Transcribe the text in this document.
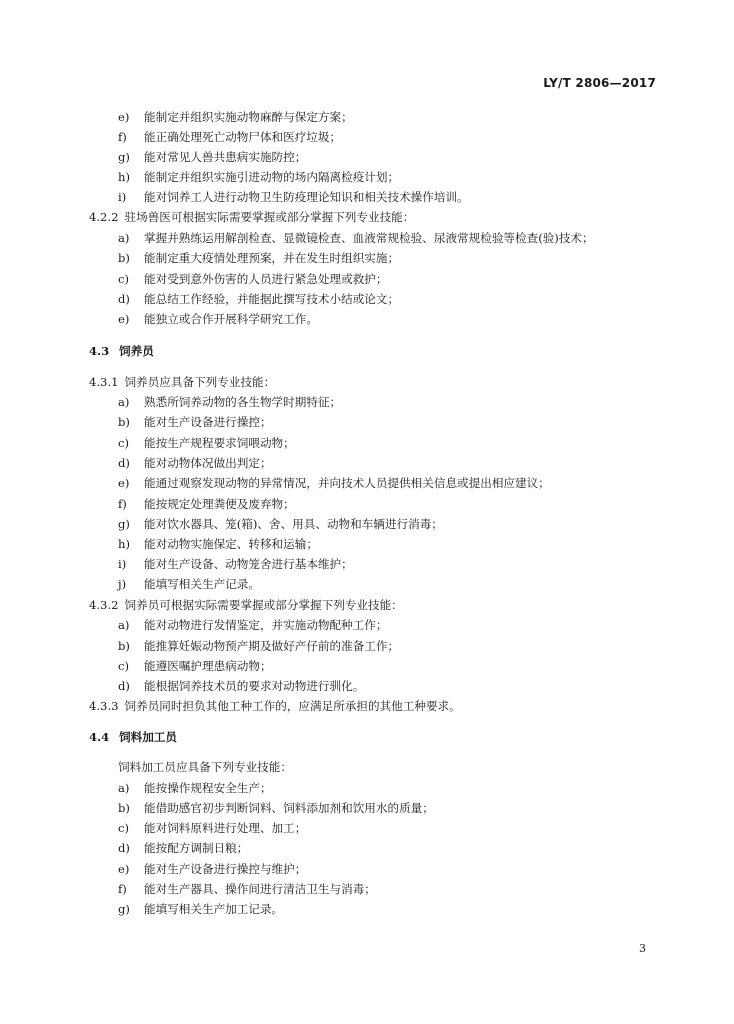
LY/T 2806—2017
e) 能制定并组织实施动物麻醉与保定方案；
f) 能正确处理死亡动物尸体和医疗垃圾；
g) 能对常见人兽共患病实施防控；
h) 能制定并组织实施引进动物的场内隔离检疫计划；
i) 能对饲养工人进行动物卫生防疫理论知识和相关技术操作培训。
4.2.2 驻场兽医可根据实际需要掌握或部分掌握下列专业技能：
a) 掌握并熟练运用解剖检查、显微镜检查、血液常规检验、尿液常规检验等检查(验)技术；
b) 能制定重大疫情处理预案，并在发生时组织实施；
c) 能对受到意外伤害的人员进行紧急处理或救护；
d) 能总结工作经验，并能据此撰写技术小结或论文；
e) 能独立或合作开展科学研究工作。
4.3 饲养员
4.3.1 饲养员应具备下列专业技能：
a) 熟悉所饲养动物的各生物学时期特征；
b) 能对生产设备进行操控；
c) 能按生产规程要求饲喂动物；
d) 能对动物体况做出判定；
e) 能通过观察发现动物的异常情况，并向技术人员提供相关信息或提出相应建议；
f) 能按规定处理粪便及废弃物；
g) 能对饮水器具、笼(箱)、舍、用具、动物和车辆进行消毒；
h) 能对动物实施保定、转移和运输；
i) 能对生产设备、动物笼舍进行基本维护；
j) 能填写相关生产记录。
4.3.2 饲养员可根据实际需要掌握或部分掌握下列专业技能：
a) 能对动物进行发情鉴定，并实施动物配种工作；
b) 能推算妊娠动物预产期及做好产仔前的准备工作；
c) 能遵医嘱护理患病动物；
d) 能根据饲养技术员的要求对动物进行驯化。
4.3.3 饲养员同时担负其他工种工作的，应满足所承担的其他工种要求。
4.4 饲料加工员
饲料加工员应具备下列专业技能：
a) 能按操作规程安全生产；
b) 能借助感官初步判断饲料、饲料添加剂和饮用水的质量；
c) 能对饲料原料进行处理、加工；
d) 能按配方调制日粮；
e) 能对生产设备进行操控与维护；
f) 能对生产器具、操作间进行清洁卫生与消毒；
g) 能填写相关生产加工记录。
3
